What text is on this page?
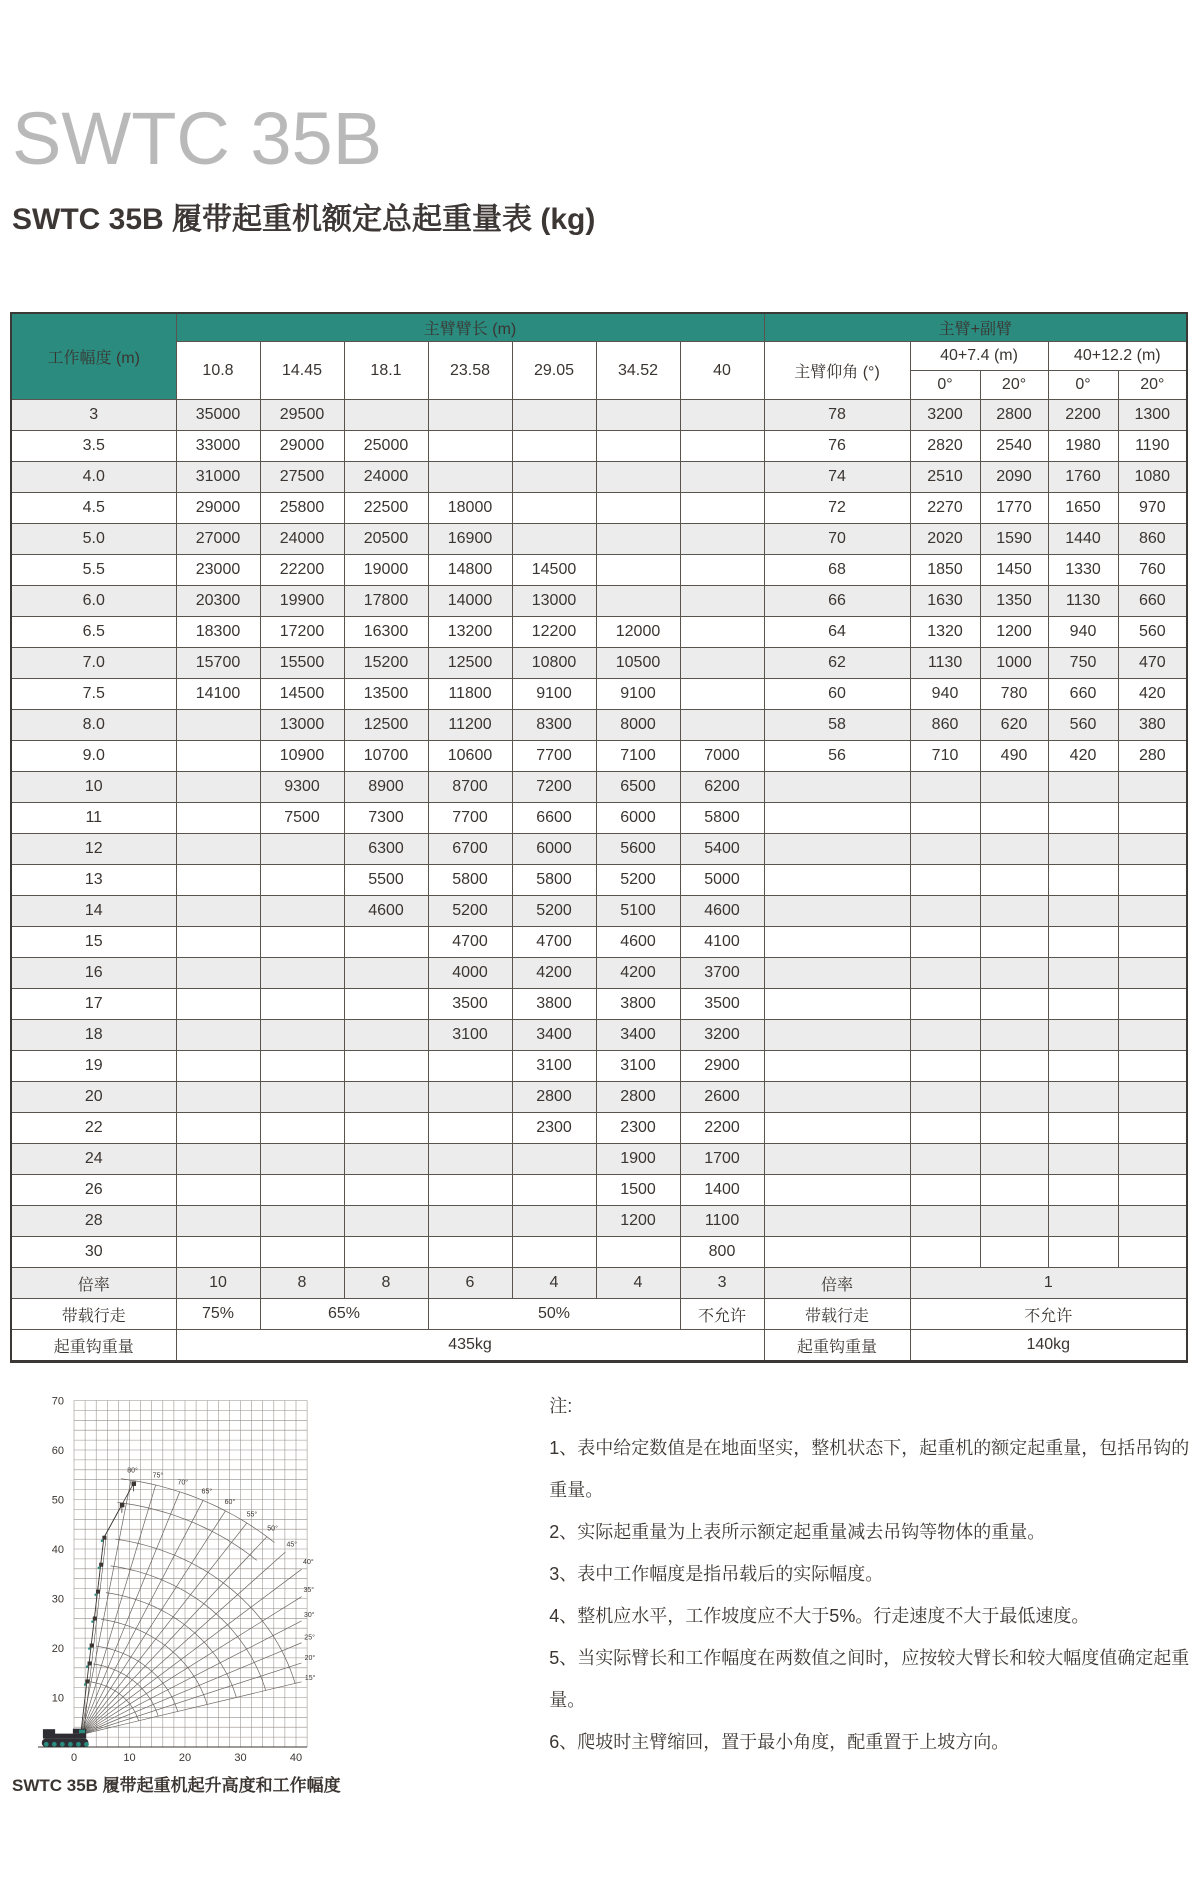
SWTC 35B
SWTC 35B 履带起重机额定总起重量表 (kg)
工作幅度 (m)	主臂臂长 (m)							主臂+副臂				
	10.8	14.45	18.1	23.58	29.05	34.52	40	主臂仰角 (°)	40+7.4 (m)		40+12.2 (m)	
									0°	20°	0°	20°
3	35000	29500						78	3200	2800	2200	1300
3.5	33000	29000	25000					76	2820	2540	1980	1190
4.0	31000	27500	24000					74	2510	2090	1760	1080
4.5	29000	25800	22500	18000				72	2270	1770	1650	970
5.0	27000	24000	20500	16900				70	2020	1590	1440	860
5.5	23000	22200	19000	14800	14500			68	1850	1450	1330	760
6.0	20300	19900	17800	14000	13000			66	1630	1350	1130	660
6.5	18300	17200	16300	13200	12200	12000		64	1320	1200	940	560
7.0	15700	15500	15200	12500	10800	10500		62	1130	1000	750	470
7.5	14100	14500	13500	11800	9100	9100		60	940	780	660	420
8.0		13000	12500	11200	8300	8000		58	860	620	560	380
9.0		10900	10700	10600	7700	7100	7000	56	710	490	420	280
10		9300	8900	8700	7200	6500	6200					
11		7500	7300	7700	6600	6000	5800					
12			6300	6700	6000	5600	5400					
13			5500	5800	5800	5200	5000					
14			4600	5200	5200	5100	4600					
15				4700	4700	4600	4100					
16				4000	4200	4200	3700					
17				3500	3800	3800	3500					
18				3100	3400	3400	3200					
19					3100	3100	2900					
20					2800	2800	2600					
22					2300	2300	2200					
24						1900	1700					
26						1500	1400					
28						1200	1100					
30							800					
倍率	10	8	8	6	4	4	3	倍率	1			
带载行走	75%	65%		50%			不允许	带载行走	不允许			
起重钩重量	435kg							起重钩重量	140kg			
10
20
30
40
50
60
70
0	10	20	30	40
15°
20°
25°
30°
35°
40°
45°
50°
55°
60°
65°
70°
75°
80°
SWTC 35B 履带起重机起升高度和工作幅度
注:
1、表中给定数值是在地面坚实，整机状态下，起重机的额定起重量，包括吊钩的重量。
2、实际起重量为上表所示额定起重量减去吊钩等物体的重量。
3、表中工作幅度是指吊载后的实际幅度。
4、整机应水平，工作坡度应不大于5%。行走速度不大于最低速度。
5、当实际臂长和工作幅度在两数值之间时，应按较大臂长和较大幅度值确定起重量。
6、爬坡时主臂缩回，置于最小角度，配重置于上坡方向。
